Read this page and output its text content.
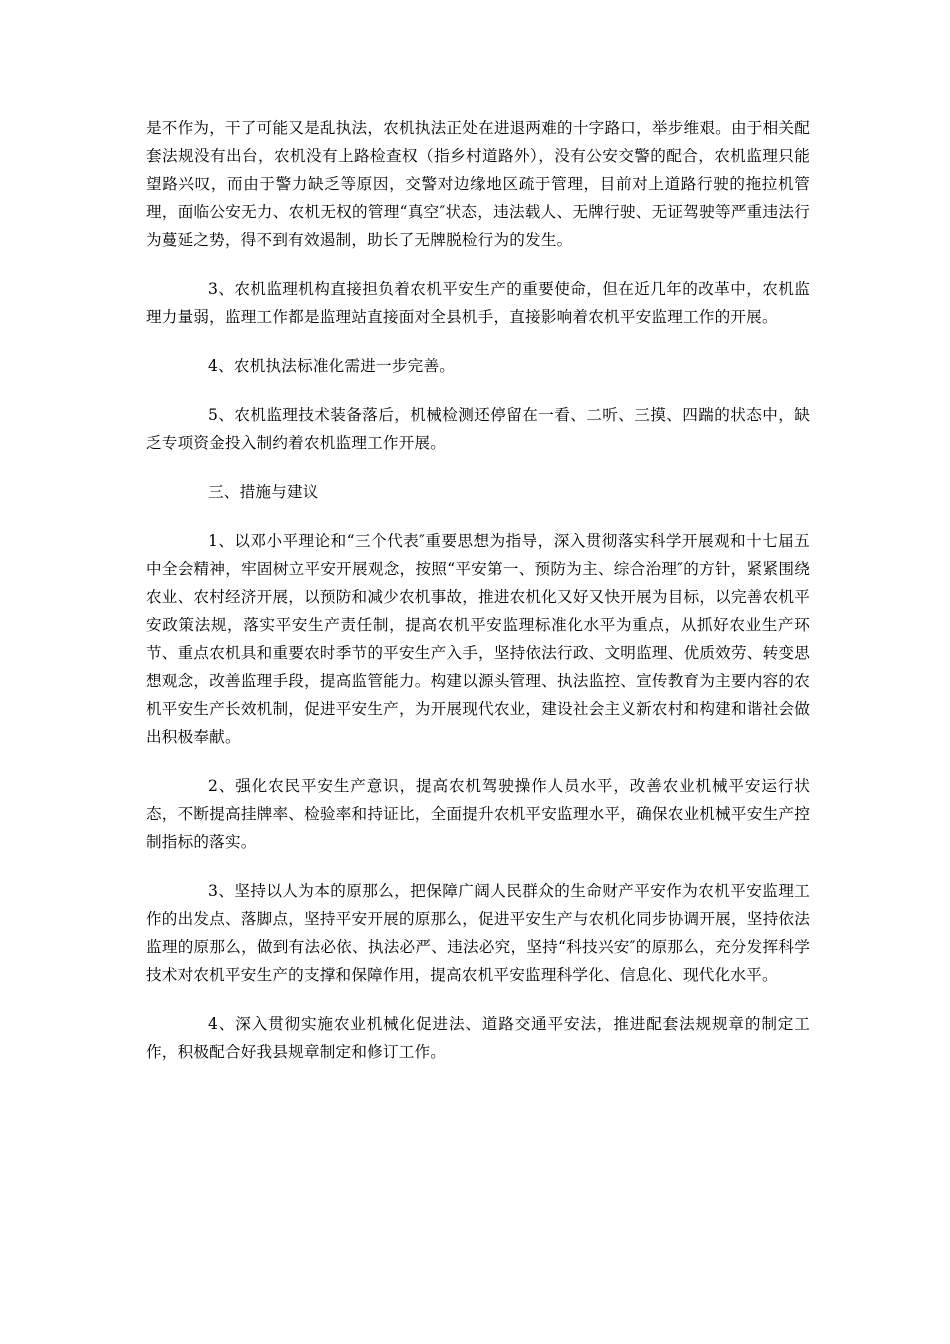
是不作为，干了可能又是乱执法，农机执法正处在进退两难的十字路口，举步维艰。由于相关配套法规没有出台，农机没有上路检查权（指乡村道路外），没有公安交警的配合，农机监理只能望路兴叹，而由于警力缺乏等原因，交警对边缘地区疏于管理，目前对上道路行驶的拖拉机管理，面临公安无力、农机无权的管理“真空″状态，违法载人、无牌行驶、无证驾驶等严重违法行为蔓延之势，得不到有效遏制，助长了无牌脱检行为的发生。

3、农机监理机构直接担负着农机平安生产的重要使命，但在近几年的改革中，农机监理力量弱，监理工作都是监理站直接面对全县机手，直接影响着农机平安监理工作的开展。

4、农机执法标准化需进一步完善。

5、农机监理技术装备落后，机械检测还停留在一看、二听、三摸、四踹的状态中，缺乏专项资金投入制约着农机监理工作开展。

三、措施与建议

1、以邓小平理论和“三个代表″重要思想为指导，深入贯彻落实科学开展观和十七届五中全会精神，牢固树立平安开展观念，按照“平安第一、预防为主、综合治理″的方针，紧紧围绕农业、农村经济开展，以预防和减少农机事故，推进农机化又好又快开展为目标，以完善农机平安政策法规，落实平安生产责任制，提高农机平安监理标准化水平为重点，从抓好农业生产环节、重点农机具和重要农时季节的平安生产入手，坚持依法行政、文明监理、优质效劳、转变思想观念，改善监理手段，提高监管能力。构建以源头管理、执法监控、宣传教育为主要内容的农机平安生产长效机制，促进平安生产，为开展现代农业，建设社会主义新农村和构建和谐社会做出积极奉献。

2、强化农民平安生产意识，提高农机驾驶操作人员水平，改善农业机械平安运行状态，不断提高挂牌率、检验率和持证比，全面提升农机平安监理水平，确保农业机械平安生产控制指标的落实。

3、坚持以人为本的原那么，把保障广阔人民群众的生命财产平安作为农机平安监理工作的出发点、落脚点，坚持平安开展的原那么，促进平安生产与农机化同步协调开展，坚持依法监理的原那么，做到有法必依、执法必严、违法必究，坚持“科技兴安″的原那么，充分发挥科学技术对农机平安生产的支撑和保障作用，提高农机平安监理科学化、信息化、现代化水平。

4、深入贯彻实施农业机械化促进法、道路交通平安法，推进配套法规规章的制定工作，积极配合好我县规章制定和修订工作。
